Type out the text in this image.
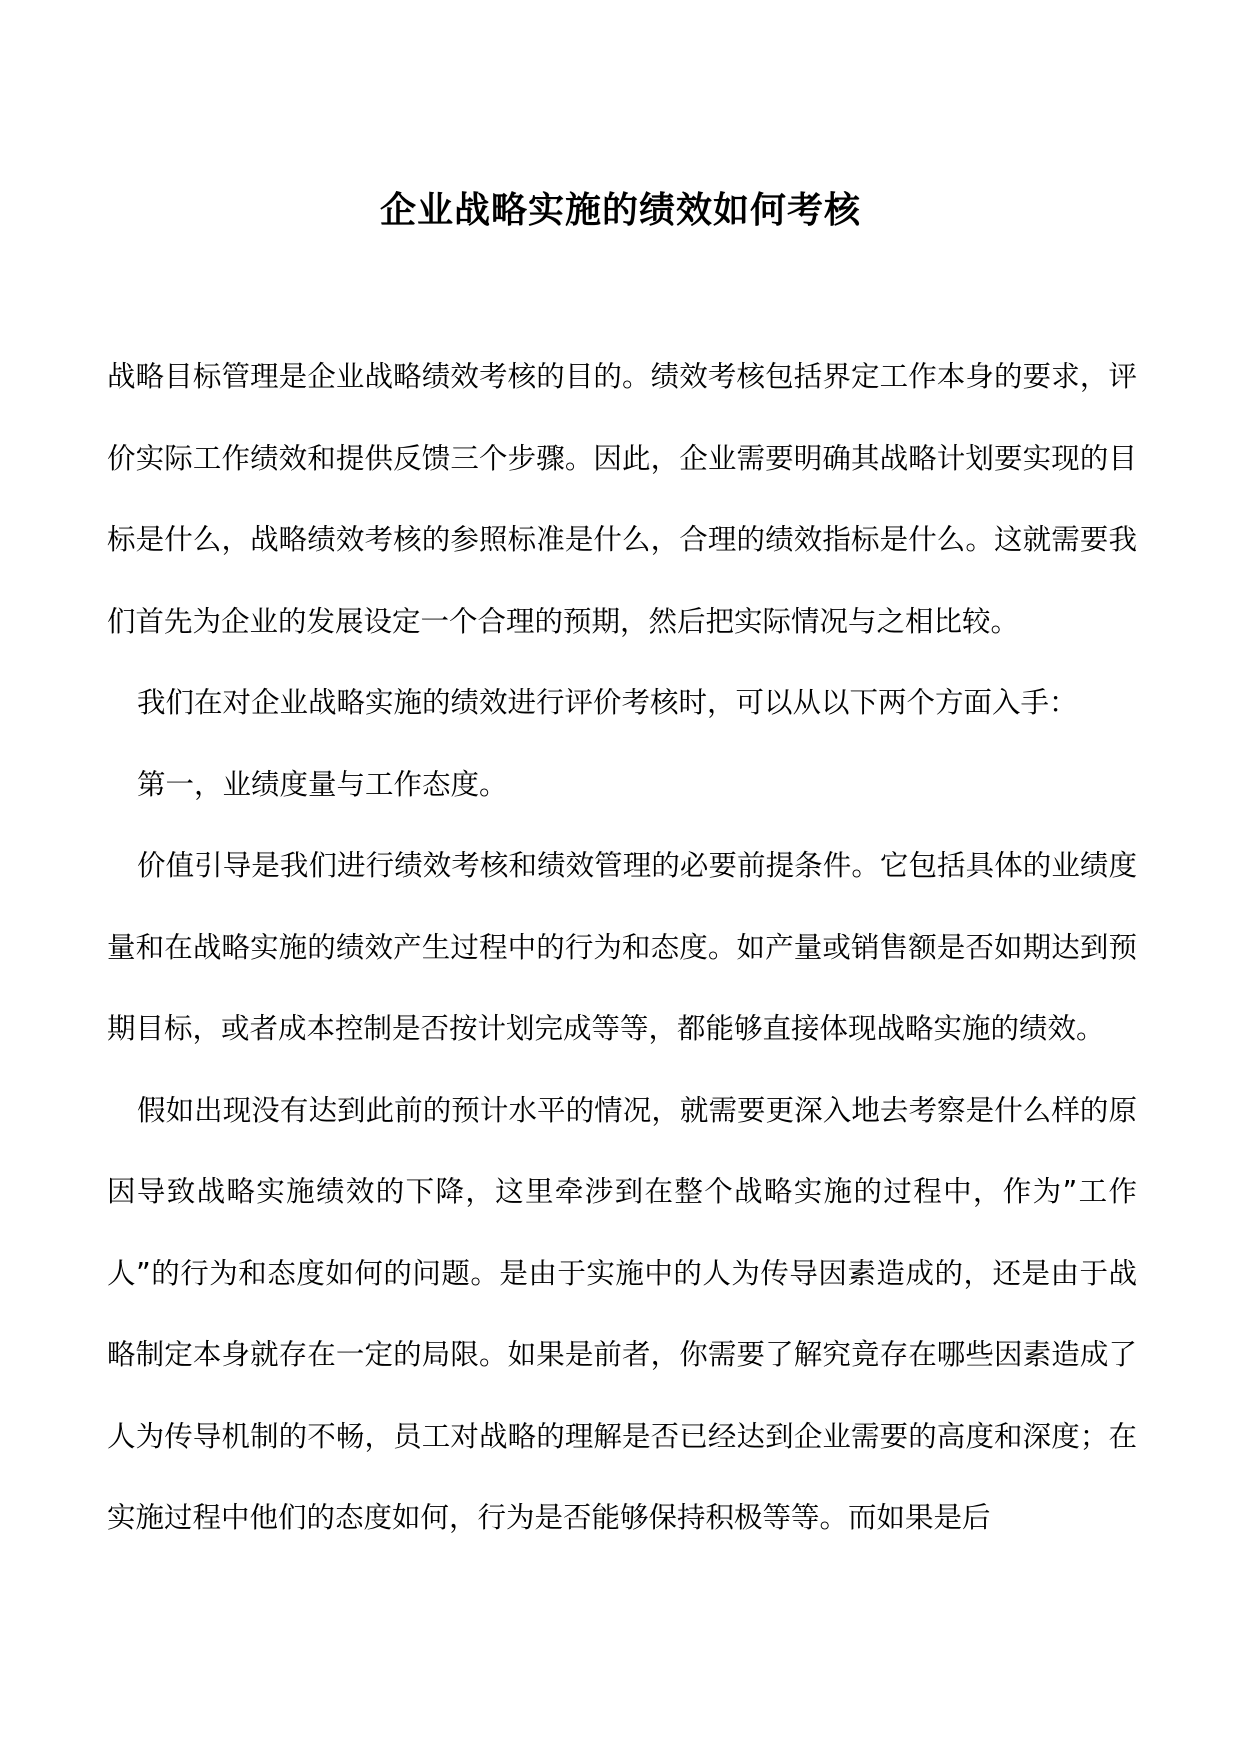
企业战略实施的绩效如何考核

战略目标管理是企业战略绩效考核的目的。绩效考核包括界定工作本身的要求，评价实际工作绩效和提供反馈三个步骤。因此，企业需要明确其战略计划要实现的目标是什么，战略绩效考核的参照标准是什么，合理的绩效指标是什么。这就需要我们首先为企业的发展设定一个合理的预期，然后把实际情况与之相比较。

我们在对企业战略实施的绩效进行评价考核时，可以从以下两个方面入手：

第一，业绩度量与工作态度。

价值引导是我们进行绩效考核和绩效管理的必要前提条件。它包括具体的业绩度量和在战略实施的绩效产生过程中的行为和态度。如产量或销售额是否如期达到预期目标，或者成本控制是否按计划完成等等，都能够直接体现战略实施的绩效。

假如出现没有达到此前的预计水平的情况，就需要更深入地去考察是什么样的原因导致战略实施绩效的下降，这里牵涉到在整个战略实施的过程中，作为”工作人”的行为和态度如何的问题。是由于实施中的人为传导因素造成的，还是由于战略制定本身就存在一定的局限。如果是前者，你需要了解究竟存在哪些因素造成了人为传导机制的不畅，员工对战略的理解是否已经达到企业需要的高度和深度；在实施过程中他们的态度如何，行为是否能够保持积极等等。而如果是后
